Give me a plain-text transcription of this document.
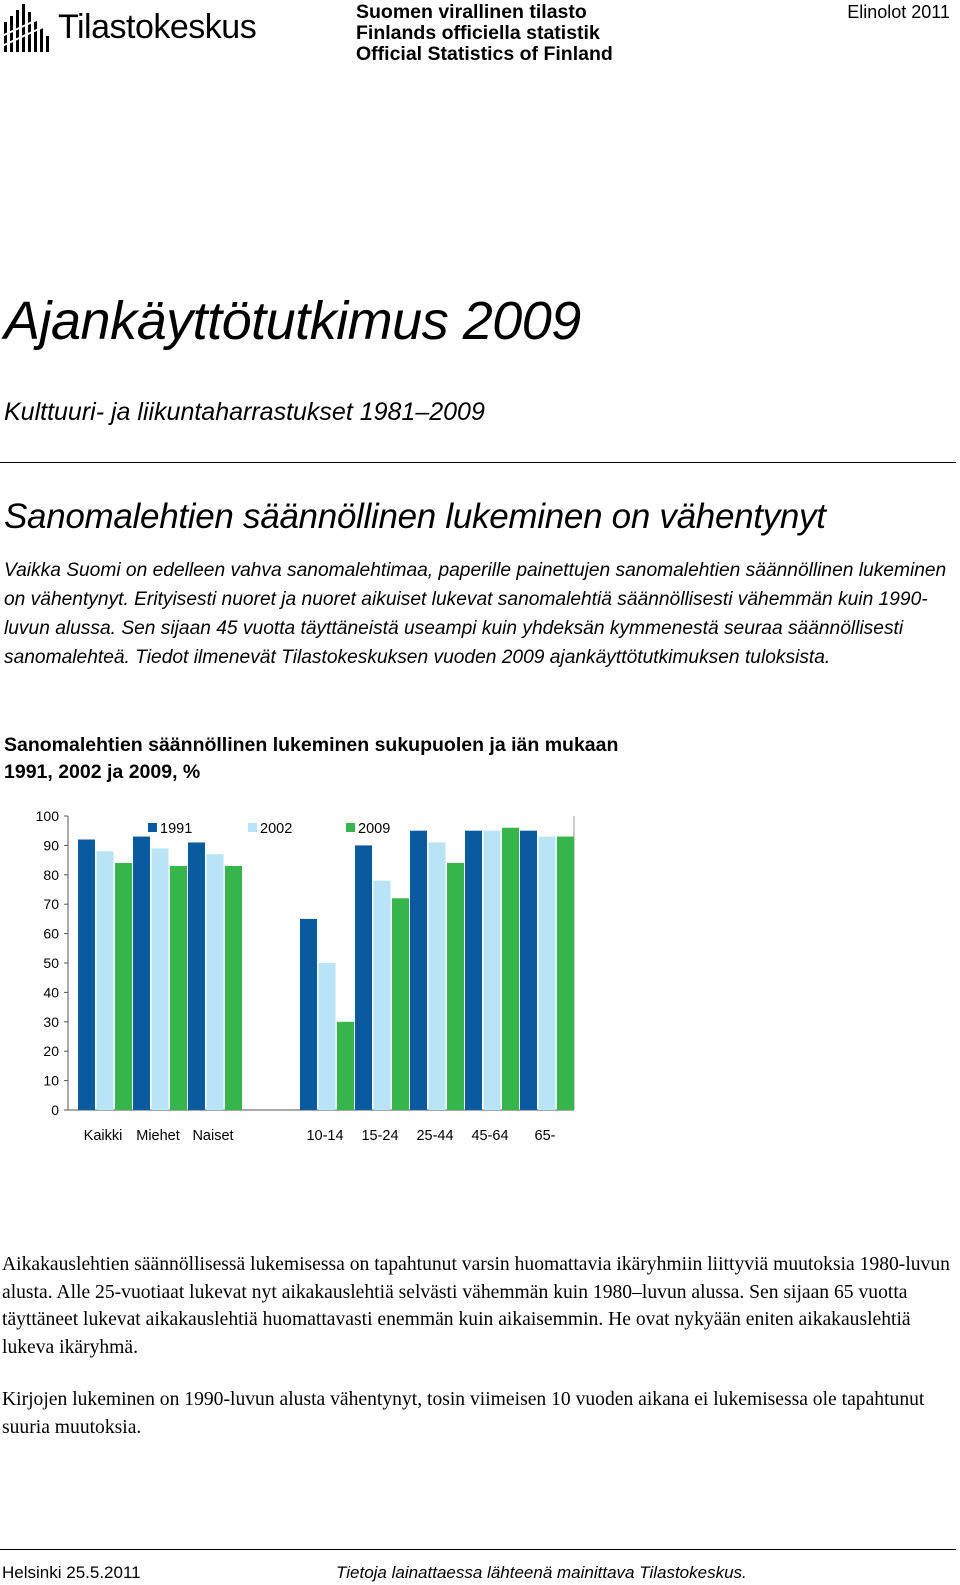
Tilastokeskus	Suomen virallinen tilasto
Finlands officiella statistik
Official Statistics of Finland
Elinolot 2011
Ajankäyttötutkimus 2009
Kulttuuri- ja liikuntaharrastukset 1981–2009
Sanomalehtien säännöllinen lukeminen on vähentynyt
Vaikka Suomi on edelleen vahva sanomalehtimaa, paperille painettujen sanomalehtien säännöllinen lukeminen on vähentynyt. Erityisesti nuoret ja nuoret aikuiset lukevat sanomalehtiä säännöllisesti vähemmän kuin 1990-luvun alussa. Sen sijaan 45 vuotta täyttäneistä useampi kuin yhdeksän kymmenestä seuraa säännöllisesti sanomalehteä. Tiedot ilmenevät Tilastokeskuksen vuoden 2009 ajankäyttötutkimuksen tuloksista.
Sanomalehtien säännöllinen lukeminen sukupuolen ja iän mukaan
1991, 2002 ja 2009, %
0
10
20
30
40
50
60
70
80
90
100
Kaikki Miehet Naiset	10-14 15-24 25-44 45-64 65-
1991	2002	2009
Aikakauslehtien säännöllisessä lukemisessa on tapahtunut varsin huomattavia ikäryhmiin liittyviä muutoksia 1980-luvun alusta. Alle 25-vuotiaat lukevat nyt aikakauslehtiä selvästi vähemmän kuin 1980–luvun alussa. Sen sijaan 65 vuotta täyttäneet lukevat aikakauslehtiä huomattavasti enemmän kuin aikaisemmin. He ovat nykyään eniten aikakauslehtiä lukeva ikäryhmä.
Kirjojen lukeminen on 1990-luvun alusta vähentynyt, tosin viimeisen 10 vuoden aikana ei lukemisessa ole tapahtunut suuria muutoksia.
Helsinki 25.5.2011	Tietoja lainattaessa lähteenä mainittava Tilastokeskus.
